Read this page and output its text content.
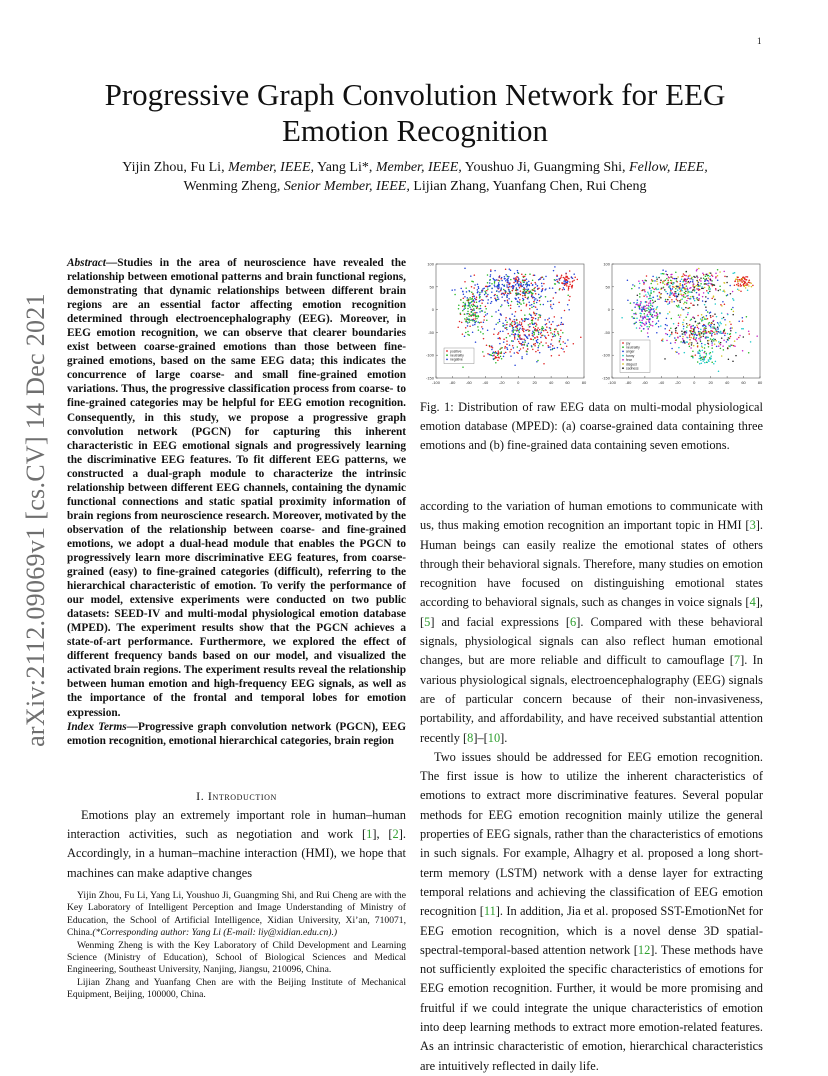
1
arXiv:2112.09069v1 [cs.CV] 14 Dec 2021
Progressive Graph Convolution Network for EEG Emotion Recognition
Yijin Zhou, Fu Li, Member, IEEE, Yang Li*, Member, IEEE, Youshuo Ji, Guangming Shi, Fellow, IEEE,
Wenming Zheng, Senior Member, IEEE, Lijian Zhang, Yuanfang Chen, Rui Cheng
Abstract—Studies in the area of neuroscience have revealed the relationship between emotional patterns and brain functional regions, demonstrating that dynamic relationships between different brain regions are an essential factor affecting emotion recognition determined through electroencephalography (EEG). Moreover, in EEG emotion recognition, we can observe that clearer boundaries exist between coarse-grained emotions than those between fine-grained emotions, based on the same EEG data; this indicates the concurrence of large coarse- and small fine-grained emotion variations. Thus, the progressive classification process from coarse- to fine-grained categories may be helpful for EEG emotion recognition. Consequently, in this study, we propose a progressive graph convolution network (PGCN) for capturing this inherent characteristic in EEG emotional signals and progressively learning the discriminative EEG features. To fit different EEG patterns, we constructed a dual-graph module to characterize the intrinsic relationship between different EEG channels, containing the dynamic functional connections and static spatial proximity information of brain regions from neuroscience research. Moreover, motivated by the observation of the relationship between coarse- and fine-grained emotions, we adopt a dual-head module that enables the PGCN to progressively learn more discriminative EEG features, from coarse-grained (easy) to fine-grained categories (difficult), referring to the hierarchical characteristic of emotion. To verify the performance of our model, extensive experiments were conducted on two public datasets: SEED-IV and multi-modal physiological emotion database (MPED). The experiment results show that the PGCN achieves a state-of-art performance. Furthermore, we explored the effect of different frequency bands based on our model, and visualized the activated brain regions. The experiment results reveal the relationship between human emotion and high-frequency EEG signals, as well as the importance of the frontal and temporal lobes for emotion expression.
Index Terms—Progressive graph convolution network (PGCN), EEG emotion recognition, emotional hierarchical categories, brain region
I. Introduction
Emotions play an extremely important role in human–human interaction activities, such as negotiation and work [1], [2]. Accordingly, in a human–machine interaction (HMI), we hope that machines can make adaptive changes

Yijin Zhou, Fu Li, Yang Li, Youshuo Ji, Guangming Shi, and Rui Cheng are with the Key Laboratory of Intelligent Perception and Image Understanding of Ministry of Education, the School of Artificial Intelligence, Xidian University, Xi’an, 710071, China.(*Corresponding author: Yang Li (E-mail: liy@xidian.edu.cn).)

Wenming Zheng is with the Key Laboratory of Child Development and Learning Science (Ministry of Education), School of Biological Sciences and Medical Engineering, Southeast University, Nanjing, Jiangsu, 210096, China.

Lijian Zhang and Yuanfang Chen are with the Beijing Institute of Mechanical Equipment, Beijing, 100000, China.

100
50
0
-50
-100
-150
-100 -80	-60	-40	-20	0	20	40	60	80
positive
neutrality
negative
100
50
0
-50
-100
-150
-100 -80	-60	-40	-20	0	20	40	60	80
joy
neutrality
anger
funny
fear
disgust
sadness
Fig. 1: Distribution of raw EEG data on multi-modal physiological emotion database (MPED): (a) coarse-grained data containing three emotions and (b) fine-grained data containing seven emotions.

according to the variation of human emotions to communicate with us, thus making emotion recognition an important topic in HMI [3]. Human beings can easily realize the emotional states of others through their behavioral signals. Therefore, many studies on emotion recognition have focused on distinguishing emotional states according to behavioral signals, such as changes in voice signals [4], [5] and facial expressions [6]. Compared with these behavioral signals, physiological signals can also reflect human emotional changes, but are more reliable and difficult to camouflage [7]. In various physiological signals, electroencephalography (EEG) signals are of particular concern because of their non-invasiveness, portability, and affordability, and have received substantial attention recently [8]–[10].

Two issues should be addressed for EEG emotion recognition. The first issue is how to utilize the inherent characteristics of emotions to extract more discriminative features. Several popular methods for EEG emotion recognition mainly utilize the general properties of EEG signals, rather than the characteristics of emotions in such signals. For example, Alhagry et al. proposed a long short-term memory (LSTM) network with a dense layer for extracting temporal relations and achieving the classification of EEG emotion recognition [11]. In addition, Jia et al. proposed SST-EmotionNet for EEG emotion recognition, which is a novel dense 3D spatial-spectral-temporal-based attention network [12]. These methods have not sufficiently exploited the specific characteristics of emotions for EEG emotion recognition. Further, it would be more promising and fruitful if we could integrate the unique characteristics of emotion into deep learning methods to extract more emotion-related features. As an intrinsic characteristic of emotion, hierarchical characteristics are intuitively reflected in daily life.
